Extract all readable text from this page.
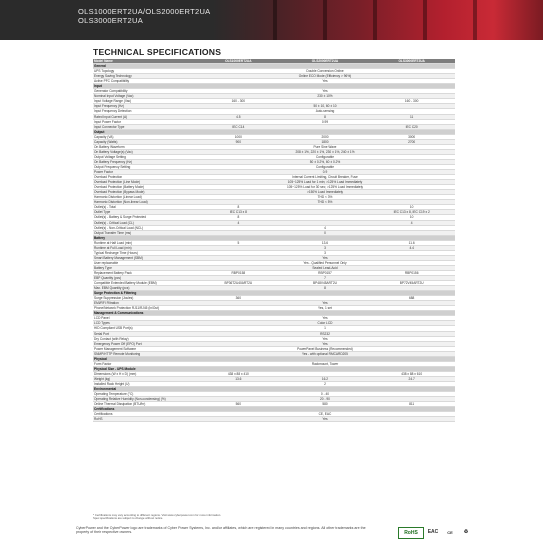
OLS1000ERT2UA/OLS2000ERT2UA
OLS3000ERT2UA
TECHNICAL SPECIFICATIONS
Model Name	OLS1000ERT2UA	OLS2000ERT2UA	OLS3000ERT2UA
General			
UPS Topology	Double Conversion Online		
Energy Saving Technology	Online ECO Mode (Efficiency > 96%)		
Active PFC Compatibility	Yes		
Input			
Generator Compatibility	Yes		
Nominal Input Voltage (Vac)	230 ± 10%		
Input Voltage Range (Vac)	160 - 300		160 - 300
Input Frequency (Hz)	50 ± 10, 60 ± 10		
Input Frequency Detection	Auto-sensing		
Rated Input Current (A)	4.5	8	11
Input Power Factor	0.99		
Input Connector Type	IEC C14		IEC C20
Output			
Capacity (VA)	1000	2000	3000
Capacity (Watts)	900	1800	2700
On Battery Waveform	Pure Sine Wave		
On Battery Voltage(s) (Vac)	208 ± 1%, 220 ± 1%, 230 ± 1%, 240 ± 1%		
Output Voltage Setting	Configurable		
On Battery Frequency (Hz)	50 ± 0.2%, 60 ± 0.2%		
Output Frequency Setting	Configurable		
Power Factor	0.9		
Overload Protection	Internal Current Limiting, Circuit Breaker, Fuse		
Overload Protection (Line Mode)	105~125% Load for 1 min; >125% Load Immediately		
Overload Protection (Battery Mode)	105~125% Load for 30 sec; >125% Load Immediately		
Overload Protection (Bypass Mode)	>150% Load Immediately		
Harmonic Distortion (Linear Load)	THD < 3%		
Harmonic Distortion (Non-linear Load)	THD < 5%		
Outlet(s) - Total	8		10
Outlet Type	IEC C13 x 8		IEC C13 x 8, IEC C19 x 2
Outlet(s) - Battery & Surge Protected	8		10
Outlet(s) - Critical Load (CL)	4		4
Outlet(s) - Non-Critical Load (NCL)	4		
Output Transfer Time (ms)	0		
Battery			
Runtime at Half Load (min)	5	13.6	11.6
Runtime at Full Load (min)		3	4.4
Typical Recharge Time (Hours)	3		
Smart Battery Management (SBM)	Yes		
User replaceable	Yes - Qualified Personnel Only		
Battery Type	Sealed Lead-Acid		
Replacement Battery Pack	RBP0158	RBP0157	RBP0156
EBP Quantity (pcs)	7		
Compatible Extended Battery Module (EBM)	BP36T2U40ART2U	BP48V45ART2U	BP72V45ART2U
Max. EBM Quantity (pcs)	8		
Surge Protection & Filtering			
Surge Suppression (Joules)	360		688
EMI/RFI Filtration	Yes		
Phone/Network Protection RJ11/RJ45 (In/Out)	Yes, 1 set		
Management & Communications			
LCD Panel	Yes		
LCD Types	Color LCD		
HID Compliant USB Port(s)	1		
Serial Port	RS232		
Dry Contact (with Relay)	Yes		
Emergency Power Off (EPO) Port	Yes		
Power Management Software	PowerPanel Business (Recommended)		
SNMP/HTTP Remote Monitoring	Yes - with optional RMCARD205		
Physical			
Form Factor	Rackmount, Tower		
Physical Size - UPS Module			
Dimensions (W x H x D) (mm)	438 x 88 x 410		438 x 88 x 610
Weight (kg)	13.6	16.2	24.7
Installed Rack Height (U)	2		
Environmental			
Operating Temperature (°C)	0 - 40		
Operating Relative Humidity (Non-condensing) (%)	20 - 90		
Online Thermal Dissipation (BTU/hr)	560	580	811
Certifications			
Certifications	CE, EAC		
RoHS	Yes		
* Certifications may vary according to different regions. Visit www.cyberpower.com for more information.
Spec specifications are subject to change without notice.
CyberPower and the CyberPower logo are trademarks of Cyber Power Systems, Inc. and/or affiliates, which are registered in many countries and regions. All other trademarks are the property of their respective owners.	RoHS	EAC	CE	♻
